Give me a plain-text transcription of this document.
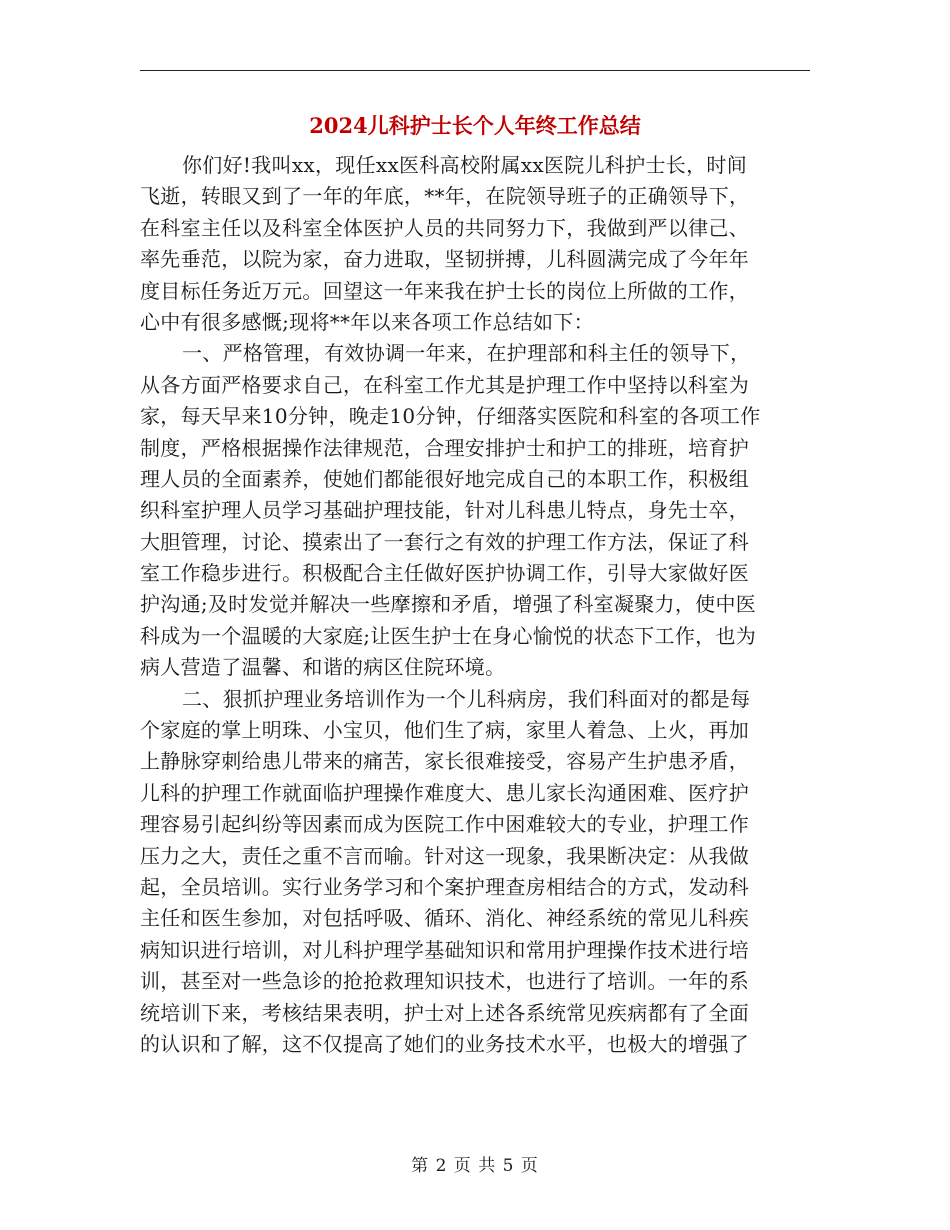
2024儿科护士长个人年终工作总结
你们好!我叫xx，现任xx医科高校附属xx医院儿科护士长，时间
飞逝，转眼又到了一年的年底，**年，在院领导班子的正确领导下，
在科室主任以及科室全体医护人员的共同努力下，我做到严以律己、
率先垂范，以院为家，奋力进取，坚韧拼搏，儿科圆满完成了今年年
度目标任务近万元。回望这一年来我在护士长的岗位上所做的工作，
心中有很多感慨;现将**年以来各项工作总结如下：
一、严格管理，有效协调一年来，在护理部和科主任的领导下，
从各方面严格要求自己，在科室工作尤其是护理工作中坚持以科室为
家，每天早来10分钟，晚走10分钟，仔细落实医院和科室的各项工作
制度，严格根据操作法律规范，合理安排护士和护工的排班，培育护
理人员的全面素养，使她们都能很好地完成自己的本职工作，积极组
织科室护理人员学习基础护理技能，针对儿科患儿特点，身先士卒，
大胆管理，讨论、摸索出了一套行之有效的护理工作方法，保证了科
室工作稳步进行。积极配合主任做好医护协调工作，引导大家做好医
护沟通;及时发觉并解决一些摩擦和矛盾，增强了科室凝聚力，使中医
科成为一个温暖的大家庭;让医生护士在身心愉悦的状态下工作，也为
病人营造了温馨、和谐的病区住院环境。
二、狠抓护理业务培训作为一个儿科病房，我们科面对的都是每
个家庭的掌上明珠、小宝贝，他们生了病，家里人着急、上火，再加
上静脉穿刺给患儿带来的痛苦，家长很难接受，容易产生护患矛盾，
儿科的护理工作就面临护理操作难度大、患儿家长沟通困难、医疗护
理容易引起纠纷等因素而成为医院工作中困难较大的专业，护理工作
压力之大，责任之重不言而喻。针对这一现象，我果断决定：从我做
起，全员培训。实行业务学习和个案护理查房相结合的方式，发动科
主任和医生参加，对包括呼吸、循环、消化、神经系统的常见儿科疾
病知识进行培训，对儿科护理学基础知识和常用护理操作技术进行培
训，甚至对一些急诊的抢抢救理知识技术，也进行了培训。一年的系
统培训下来，考核结果表明，护士对上述各系统常见疾病都有了全面
的认识和了解，这不仅提高了她们的业务技术水平，也极大的增强了
第 2 页 共 5 页
